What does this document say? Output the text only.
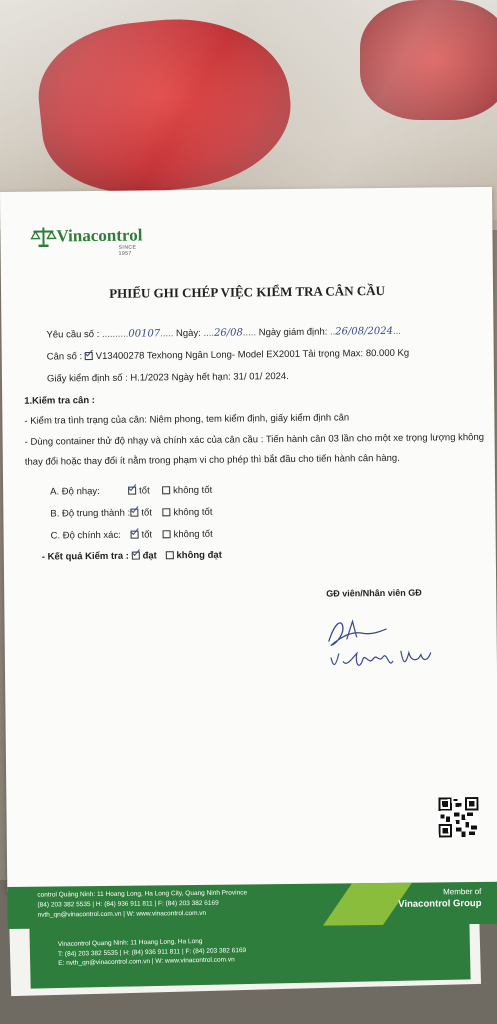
Vinacontrol Quang Ninh: 11 Hoang Long, Ha Long
T: (84) 203 382 5535 | H: (84) 936 911 811 | F: (84) 203 382 6169
E: nvth_qn@vinacontrol.com.vn | W: www.vinacontrol.com.vn
Vinacontrol
SINCE 1957
PHIẾU GHI CHÉP VIỆC KIỂM TRA CÂN CẦU
Yêu cầu số : ..........00107..... Ngày: ....26/08..... Ngày giám định: ..26/08/2024...
Cân số : V13400278 Texhong Ngân Long- Model EX2001 Tải trọng Max: 80.000 Kg
Giấy kiểm định số : H.1/2023 Ngày hết hạn: 31/ 01/ 2024.
1.Kiểm tra cân :
- Kiểm tra tình trạng của cân: Niêm phong, tem kiểm định, giấy kiểm định cân
- Dùng container thử độ nhạy và chính xác của cân cầu : Tiến hành cân 03 lần cho một xe trọng lượng không
thay đổi hoặc thay đổi ít nằm trong phạm vi cho phép thì bắt đầu cho tiến hành cân hàng.
A. Độ nhạy:	tốt	không tốt
B. Độ trung thành :	tốt	không tốt
C. Độ chính xác:	tốt	không tốt
- Kết quả Kiểm tra : đạt không đạt
GĐ viên/Nhân viên GĐ
control Quảng Ninh: 11 Hoang Long, Ha Long City, Quang Ninh Province
(84) 203 382 5535 | H: (84) 936 911 811 | F: (84) 203 382 6169
nvth_qn@vinacontrol.com.vn | W: www.vinacontrol.com.vn
Member of
Vinacontrol Group
